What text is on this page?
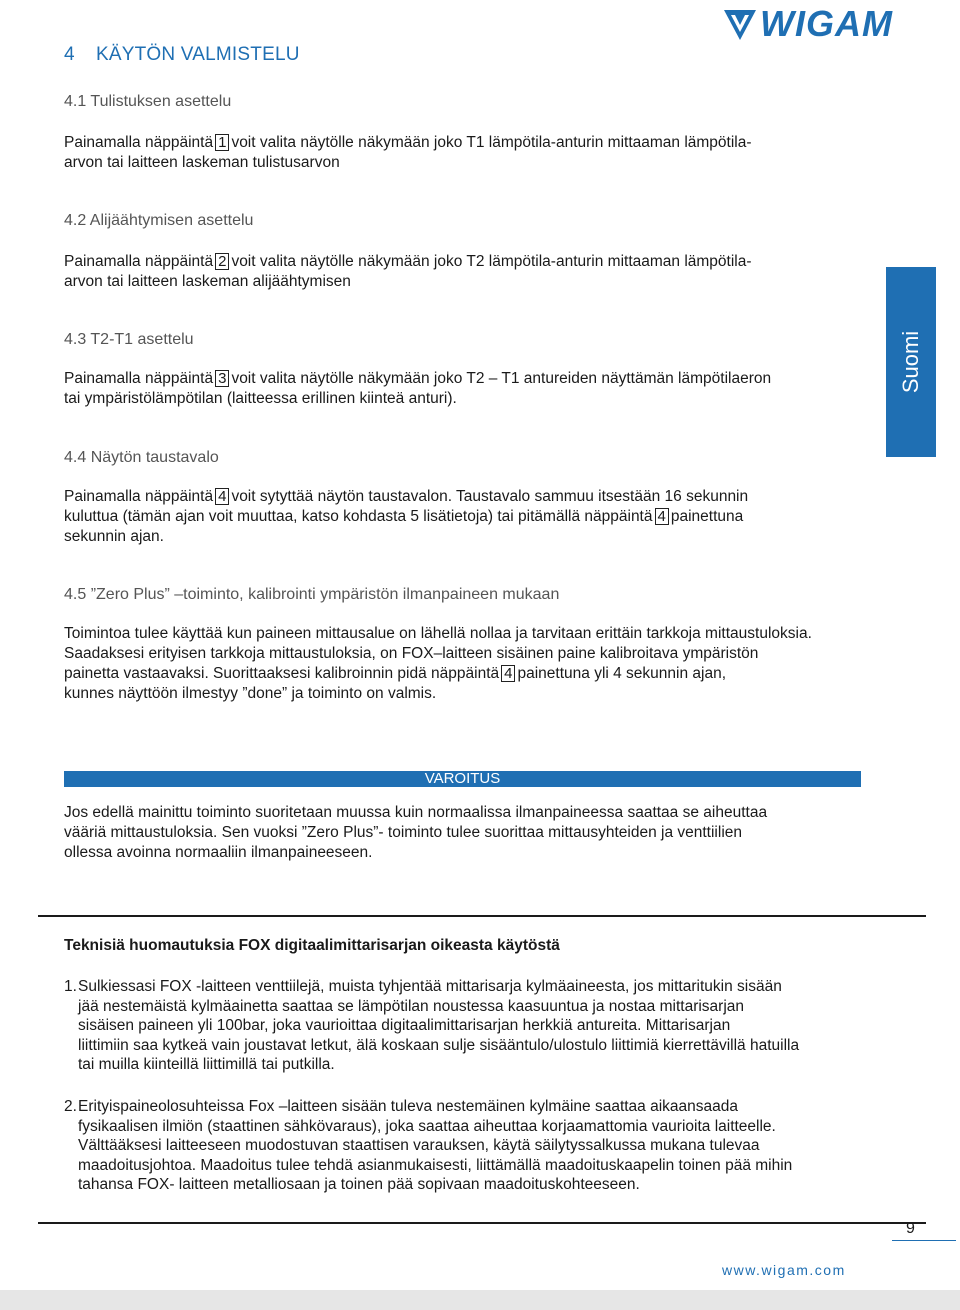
4 KÄYTÖN VALMISTELU
WIGAM
Suomi
4.1 Tulistuksen asettelu
Painamalla näppäintä 1 voit valita näytölle näkymään joko T1 lämpötila-anturin mittaaman lämpötila-
arvon tai laitteen laskeman tulistusarvon
4.2 Alijäähtymisen asettelu
Painamalla näppäintä 2 voit valita näytölle näkymään joko T2 lämpötila-anturin mittaaman lämpötila-
arvon tai laitteen laskeman alijäähtymisen
4.3 T2-T1 asettelu
Painamalla näppäintä 3 voit valita näytölle näkymään joko T2 – T1 antureiden näyttämän lämpötilaeron
tai ympäristölämpötilan (laitteessa erillinen kiinteä anturi).
4.4 Näytön taustavalo
Painamalla näppäintä 4 voit sytyttää näytön taustavalon. Taustavalo sammuu itsestään 16 sekunnin
kuluttua (tämän ajan voit muuttaa, katso kohdasta 5 lisätietoja) tai pitämällä näppäintä 4 painettuna
sekunnin ajan.
4.5 ”Zero Plus” –toiminto, kalibrointi ympäristön ilmanpaineen mukaan
Toimintoa tulee käyttää kun paineen mittausalue on lähellä nollaa ja tarvitaan erittäin tarkkoja mittaustuloksia.
Saadaksesi erityisen tarkkoja mittaustuloksia, on FOX–laitteen sisäinen paine kalibroitava ympäristön
painetta vastaavaksi. Suorittaaksesi kalibroinnin pidä näppäintä 4 painettuna yli 4 sekunnin ajan,
kunnes näyttöön ilmestyy ”done” ja toiminto on valmis.
VAROITUS
Jos edellä mainittu toiminto suoritetaan muussa kuin normaalissa ilmanpaineessa saattaa se aiheuttaa
vääriä mittaustuloksia. Sen vuoksi ”Zero Plus”- toiminto tulee suorittaa mittausyhteiden ja venttiilien
ollessa avoinna normaaliin ilmanpaineeseen.
Teknisiä huomautuksia FOX digitaalimittarisarjan oikeasta käytöstä
1.Sulkiessasi FOX -laitteen venttiilejä, muista tyhjentää mittarisarja kylmäaineesta, jos mittaritukin sisään
jää nestemäistä kylmäainetta saattaa se lämpötilan noustessa kaasuuntua ja nostaa mittarisarjan
sisäisen paineen yli 100bar, joka vaurioittaa digitaalimittarisarjan herkkiä antureita. Mittarisarjan
liittimiin saa kytkeä vain joustavat letkut, älä koskaan sulje sisääntulo/ulostulo liittimiä kierrettävillä hatuilla
tai muilla kiinteillä liittimillä tai putkilla.
2.Erityispaineolosuhteissa Fox –laitteen sisään tuleva nestemäinen kylmäine saattaa aikaansaada
fysikaalisen ilmiön (staattinen sähkövaraus), joka saattaa aiheuttaa korjaamattomia vaurioita laitteelle.
Välttääksesi laitteeseen muodostuvan staattisen varauksen, käytä säilytyssalkussa mukana tulevaa
maadoitusjohtoa. Maadoitus tulee tehdä asianmukaisesti, liittämällä maadoituskaapelin toinen pää mihin
tahansa FOX- laitteen metalliosaan ja toinen pää sopivaan maadoituskohteeseen.
9
www.wigam.com
